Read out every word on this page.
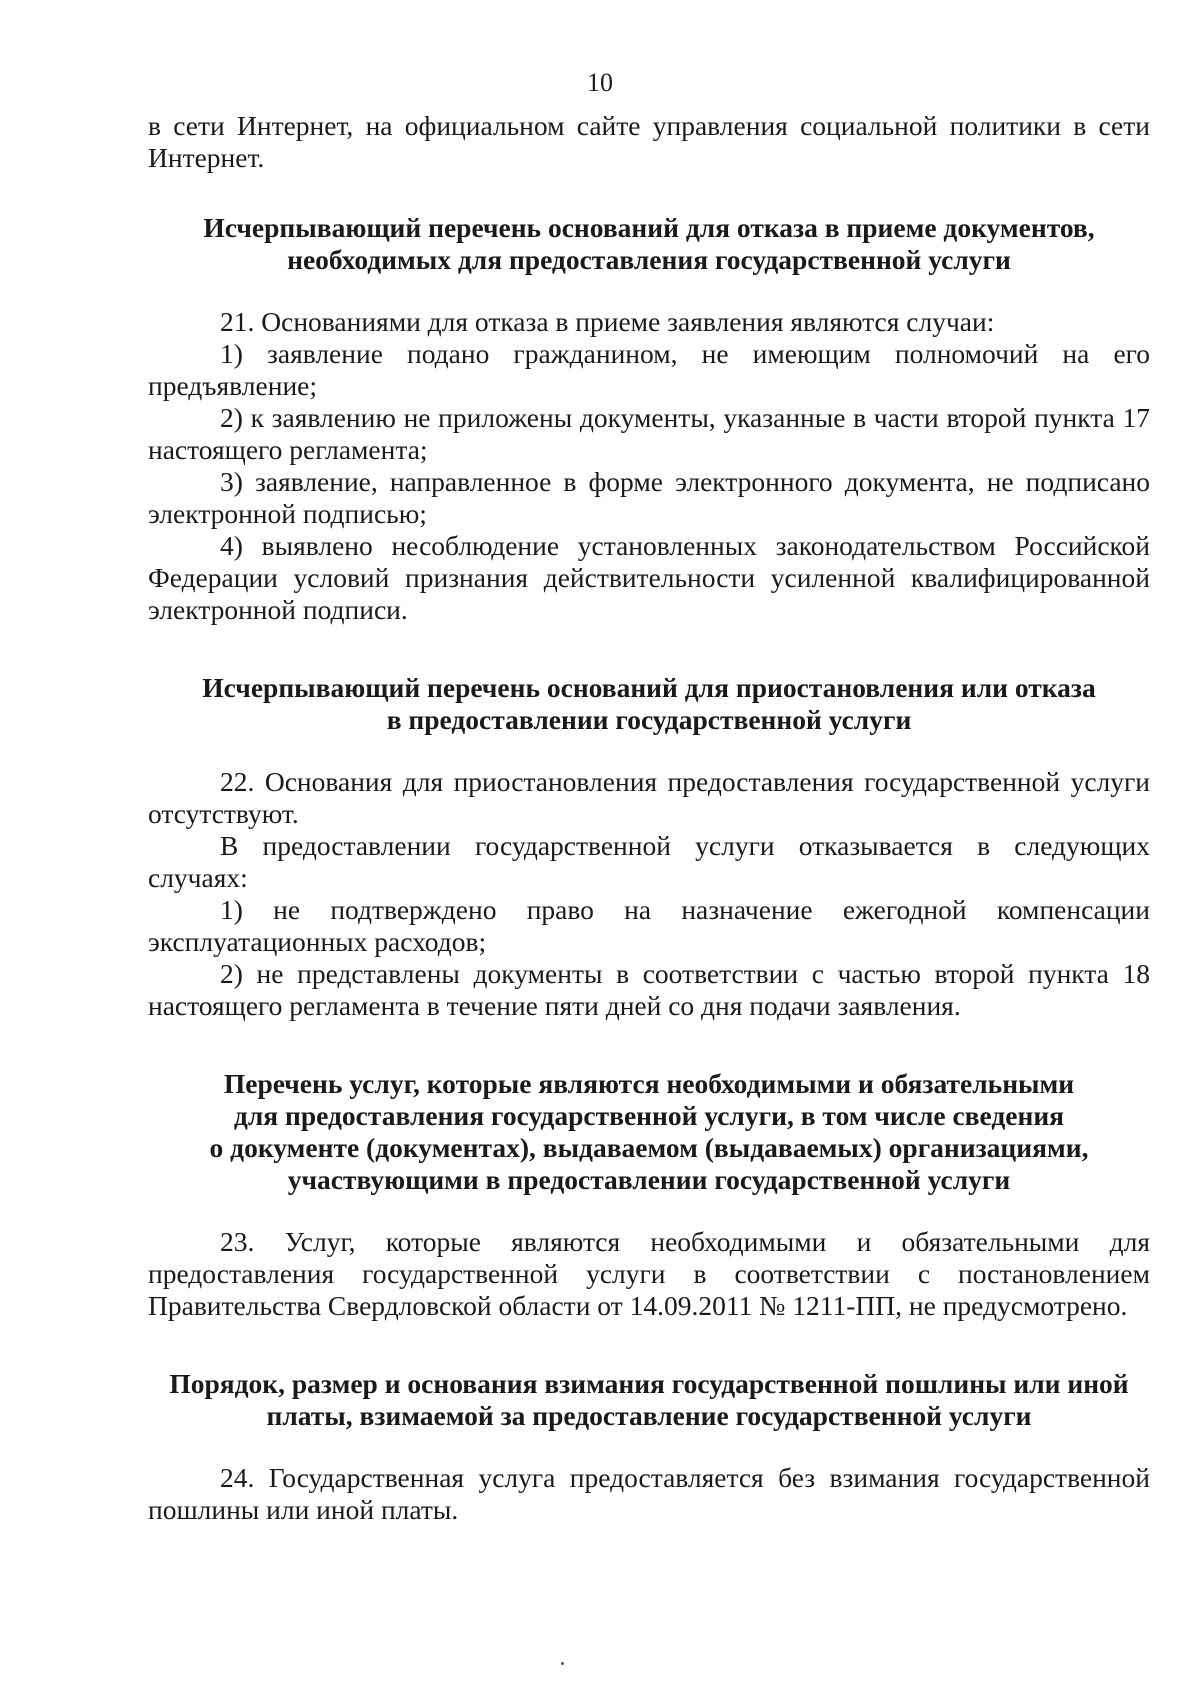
10

в сети Интернет, на официальном сайте управления социальной политики в сети Интернет.

Исчерпывающий перечень оснований для отказа в приеме документов,
необходимых для предоставления государственной услуги

21. Основаниями для отказа в приеме заявления являются случаи:

1) заявление подано гражданином, не имеющим полномочий на его предъявление;

2) к заявлению не приложены документы, указанные в части второй пункта 17 настоящего регламента;

3) заявление, направленное в форме электронного документа, не подписано электронной подписью;

4) выявлено несоблюдение установленных законодательством Российской Федерации условий признания действительности усиленной квалифицированной электронной подписи.

Исчерпывающий перечень оснований для приостановления или отказа
в предоставлении государственной услуги

22. Основания для приостановления предоставления государственной услуги отсутствуют.

В предоставлении государственной услуги отказывается в следующих случаях:

1) не подтверждено право на назначение ежегодной компенсации эксплуатационных расходов;

2) не представлены документы в соответствии с частью второй пункта 18 настоящего регламента в течение пяти дней со дня подачи заявления.

Перечень услуг, которые являются необходимыми и обязательными
для предоставления государственной услуги, в том числе сведения
о документе (документах), выдаваемом (выдаваемых) организациями,
участвующими в предоставлении государственной услуги

23. Услуг, которые являются необходимыми и обязательными для предоставления государственной услуги в соответствии с постановлением Правительства Свердловской области от 14.09.2011 № 1211-ПП, не предусмотрено.

Порядок, размер и основания взимания государственной пошлины или иной
платы, взимаемой за предоставление государственной услуги

24. Государственная услуга предоставляется без взимания государственной пошлины или иной платы.
